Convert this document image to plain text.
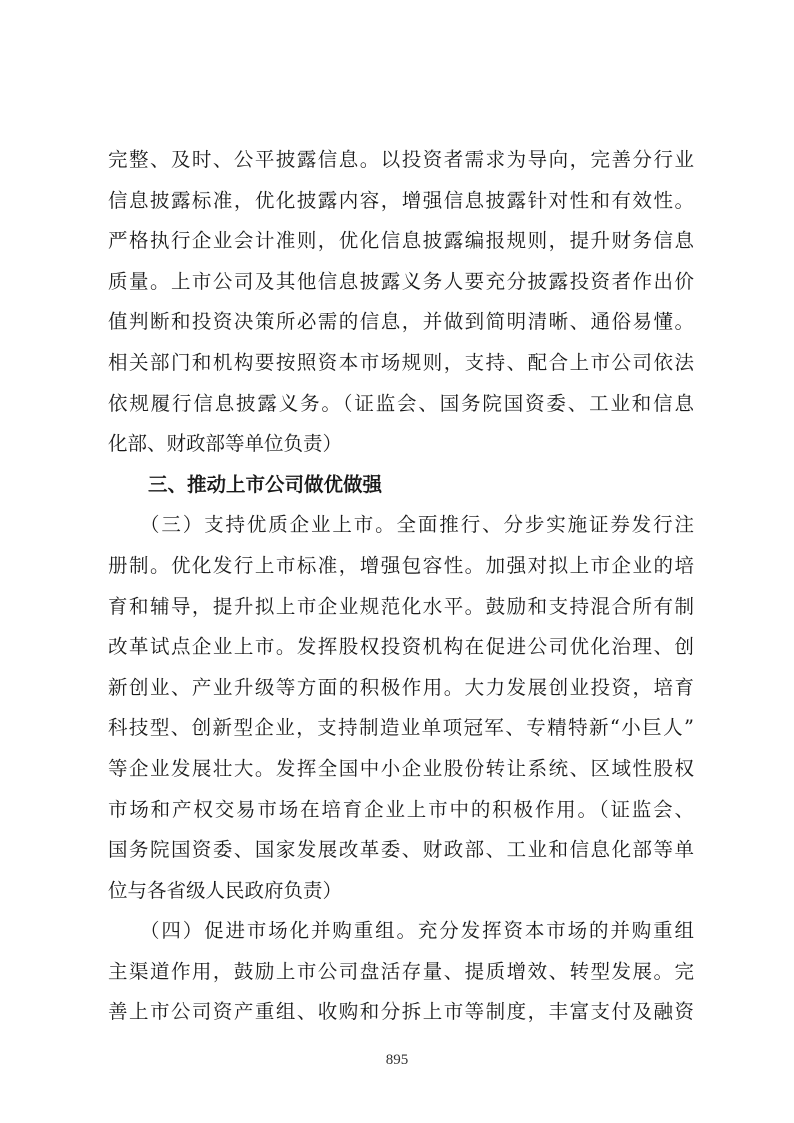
完整、及时、公平披露信息。以投资者需求为导向，完善分行业
信息披露标准，优化披露内容，增强信息披露针对性和有效性。
严格执行企业会计准则，优化信息披露编报规则，提升财务信息
质量。上市公司及其他信息披露义务人要充分披露投资者作出价
值判断和投资决策所必需的信息，并做到简明清晰、通俗易懂。
相关部门和机构要按照资本市场规则，支持、配合上市公司依法
依规履行信息披露义务。（证监会、国务院国资委、工业和信息
化部、财政部等单位负责）
三、推动上市公司做优做强
（三）支持优质企业上市。全面推行、分步实施证券发行注
册制。优化发行上市标准，增强包容性。加强对拟上市企业的培
育和辅导，提升拟上市企业规范化水平。鼓励和支持混合所有制
改革试点企业上市。发挥股权投资机构在促进公司优化治理、创
新创业、产业升级等方面的积极作用。大力发展创业投资，培育
科技型、创新型企业，支持制造业单项冠军、专精特新“小巨人”
等企业发展壮大。发挥全国中小企业股份转让系统、区域性股权
市场和产权交易市场在培育企业上市中的积极作用。（证监会、
国务院国资委、国家发展改革委、财政部、工业和信息化部等单
位与各省级人民政府负责）
（四）促进市场化并购重组。充分发挥资本市场的并购重组
主渠道作用，鼓励上市公司盘活存量、提质增效、转型发展。完
善上市公司资产重组、收购和分拆上市等制度，丰富支付及融资
895
